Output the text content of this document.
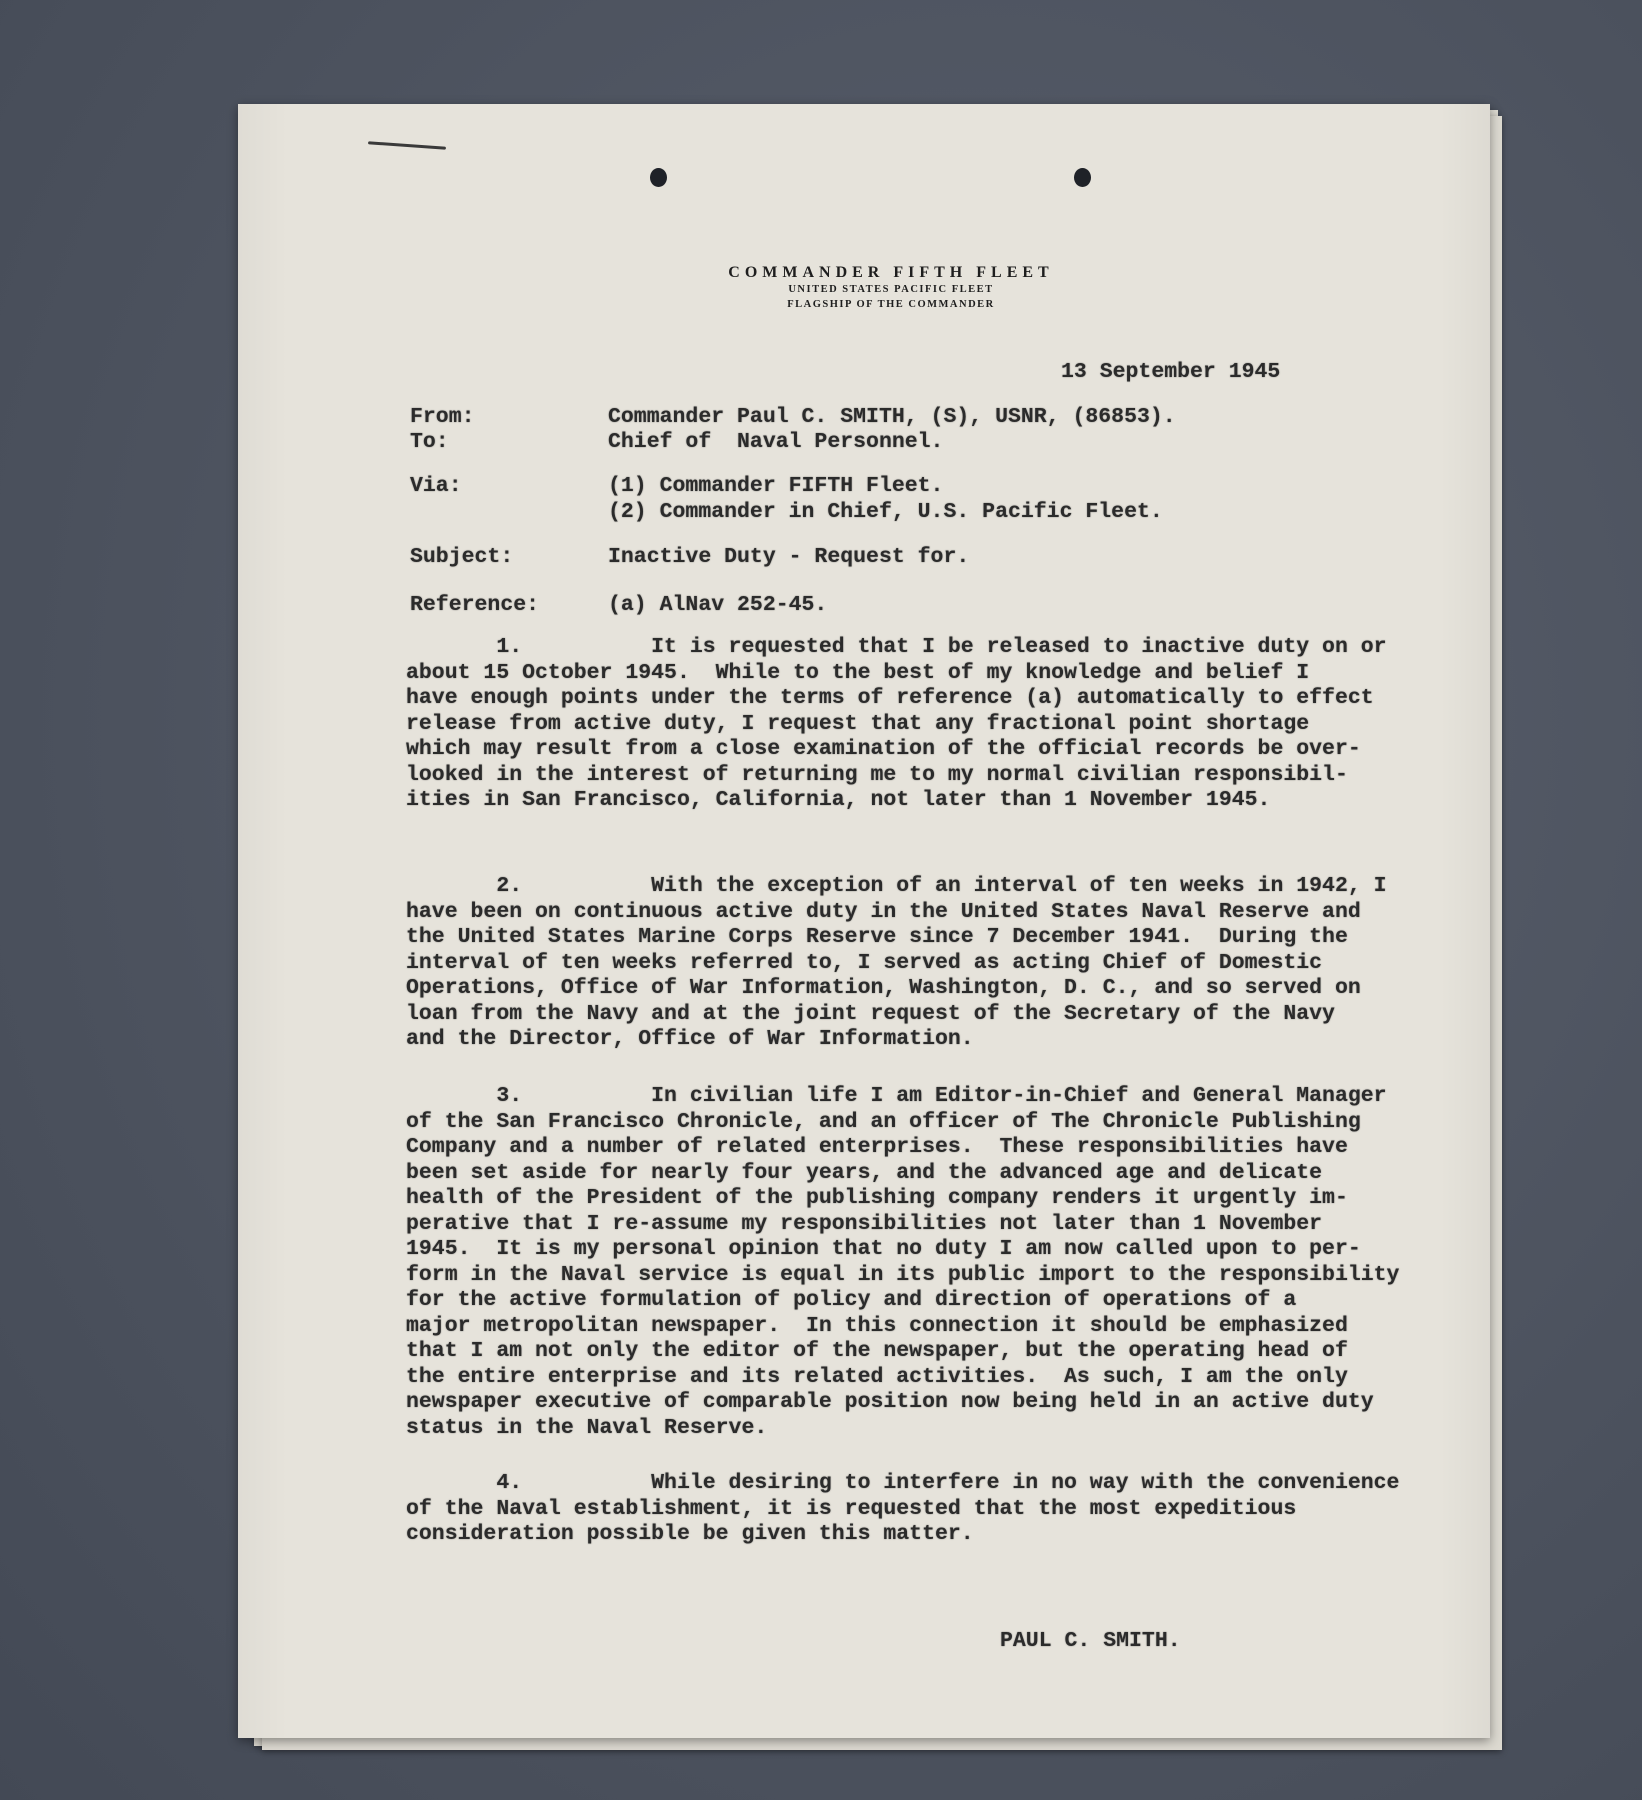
COMMANDER FIFTH FLEET
UNITED STATES PACIFIC FLEET
FLAGSHIP OF THE COMMANDER
13 September 1945
From:	Commander Paul C. SMITH, (S), USNR, (86853).
To:	Chief of  Naval Personnel.
Via:	(1) Commander FIFTH Fleet.
(2) Commander in Chief, U.S. Pacific Fleet.
Subject:	Inactive Duty - Request for.
Reference:	(a) AlNav 252-45.

1.          It is requested that I be released to inactive duty on or
about 15 October 1945.  While to the best of my knowledge and belief I
have enough points under the terms of reference (a) automatically to effect
release from active duty, I request that any fractional point shortage
which may result from a close examination of the official records be over-
looked in the interest of returning me to my normal civilian responsibil-
ities in San Francisco, California, not later than 1 November 1945.

2.          With the exception of an interval of ten weeks in 1942, I
have been on continuous active duty in the United States Naval Reserve and
the United States Marine Corps Reserve since 7 December 1941.  During the
interval of ten weeks referred to, I served as acting Chief of Domestic
Operations, Office of War Information, Washington, D. C., and so served on
loan from the Navy and at the joint request of the Secretary of the Navy
and the Director, Office of War Information.

3.          In civilian life I am Editor-in-Chief and General Manager
of the San Francisco Chronicle, and an officer of The Chronicle Publishing
Company and a number of related enterprises.  These responsibilities have
been set aside for nearly four years, and the advanced age and delicate
health of the President of the publishing company renders it urgently im-
perative that I re-assume my responsibilities not later than 1 November
1945.  It is my personal opinion that no duty I am now called upon to per-
form in the Naval service is equal in its public import to the responsibility
for the active formulation of policy and direction of operations of a
major metropolitan newspaper.  In this connection it should be emphasized
that I am not only the editor of the newspaper, but the operating head of
the entire enterprise and its related activities.  As such, I am the only
newspaper executive of comparable position now being held in an active duty
status in the Naval Reserve.

4.          While desiring to interfere in no way with the convenience
of the Naval establishment, it is requested that the most expeditious
consideration possible be given this matter.

PAUL C. SMITH.
